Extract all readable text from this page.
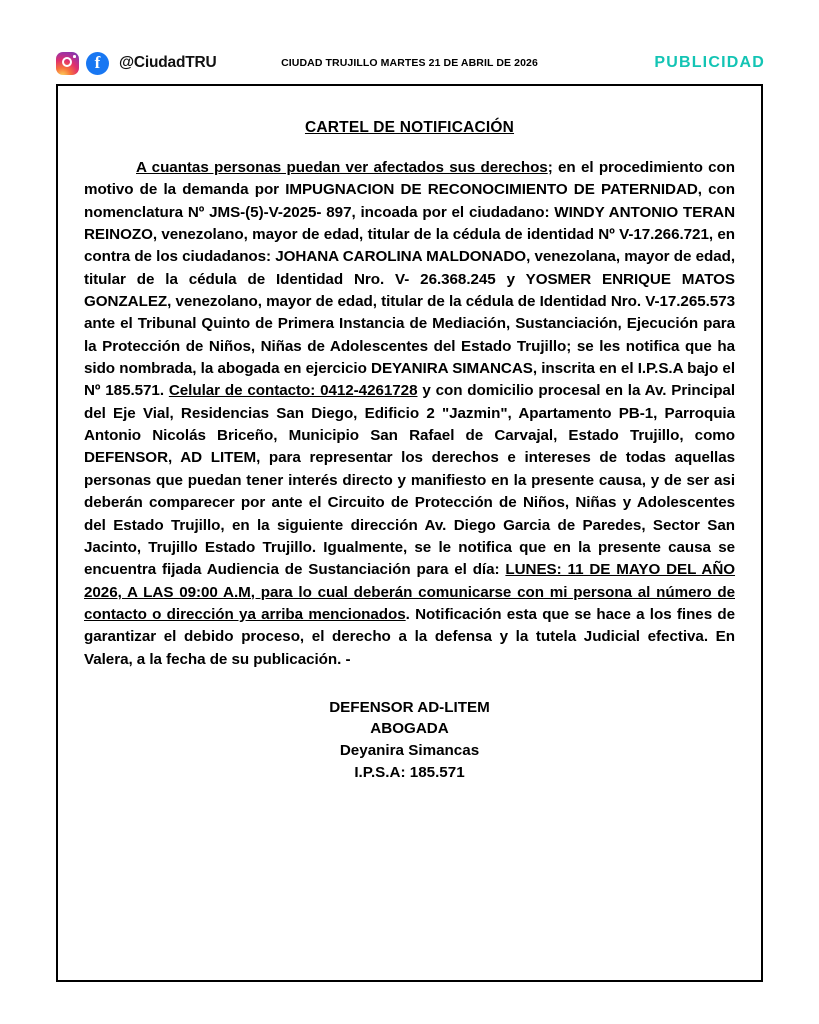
f
@CiudadTRU	CIUDAD TRUJILLO MARTES 21 DE ABRIL DE 2026	PUBLICIDAD
CARTEL DE NOTIFICACIÓN
A cuantas personas puedan ver afectados sus derechos; en el procedimiento con motivo de la demanda por IMPUGNACION DE RECONOCIMIENTO DE PATERNIDAD, con nomenclatura Nº JMS-(5)-V-2025- 897, incoada por el ciudadano: WINDY ANTONIO TERAN REINOZO, venezolano, mayor de edad, titular de la cédula de identidad Nº V-17.266.721, en contra de los ciudadanos: JOHANA CAROLINA MALDONADO, venezolana, mayor de edad, titular de la cédula de Identidad Nro. V- 26.368.245 y YOSMER ENRIQUE MATOS GONZALEZ, venezolano, mayor de edad, titular de la cédula de Identidad Nro. V-17.265.573 ante el Tribunal Quinto de Primera Instancia de Mediación, Sustanciación, Ejecución para la Protección de Niños, Niñas de Adolescentes del Estado Trujillo; se les notifica que ha sido nombrada, la abogada en ejercicio DEYANIRA SIMANCAS, inscrita en el I.P.S.A bajo el Nº 185.571. Celular de contacto: 0412-4261728 y con domicilio procesal en la Av. Principal del Eje Vial, Residencias San Diego, Edificio 2 "Jazmin", Apartamento PB-1, Parroquia Antonio Nicolás Briceño, Municipio San Rafael de Carvajal, Estado Trujillo, como DEFENSOR, AD LITEM, para representar los derechos e intereses de todas aquellas personas que puedan tener interés directo y manifiesto en la presente causa, y de ser asi deberán comparecer por ante el Circuito de Protección de Niños, Niñas y Adolescentes del Estado Trujillo, en la siguiente dirección Av. Diego Garcia de Paredes, Sector San Jacinto, Trujillo Estado Trujillo. Igualmente, se le notifica que en la presente causa se encuentra fijada Audiencia de Sustanciación para el día: LUNES: 11 DE MAYO DEL AÑO 2026, A LAS 09:00 A.M, para lo cual deberán comunicarse con mi persona al número de contacto o dirección ya arriba mencionados. Notificación esta que se hace a los fines de garantizar el debido proceso, el derecho a la defensa y la tutela Judicial efectiva. En Valera, a la fecha de su publicación. -
DEFENSOR AD-LITEM
ABOGADA
Deyanira Simancas
I.P.S.A: 185.571
